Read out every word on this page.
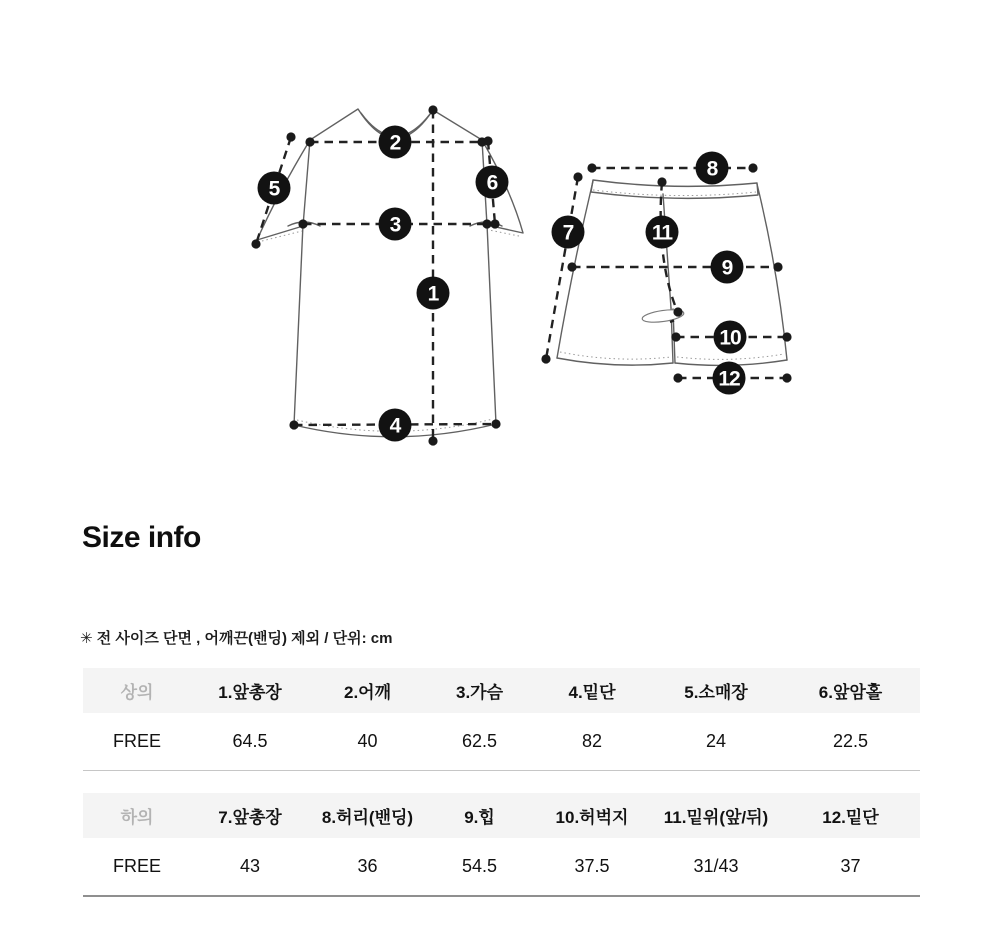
1
2
3
4
5	6
7
8
9
10
11
12
Size info

✳ 전 사이즈 단면 , 어깨끈(밴딩) 제외 / 단위: cm

상의	1.앞총장	2.어깨	3.가슴	4.밑단	5.소매장	6.앞암홀
FREE	64.5	40	62.5	82	24	22.5
하의	7.앞총장	8.허리(밴딩)	9.힙	10.허벅지	11.밑위(앞/뒤)	12.밑단
FREE	43	36	54.5	37.5	31/43	37
